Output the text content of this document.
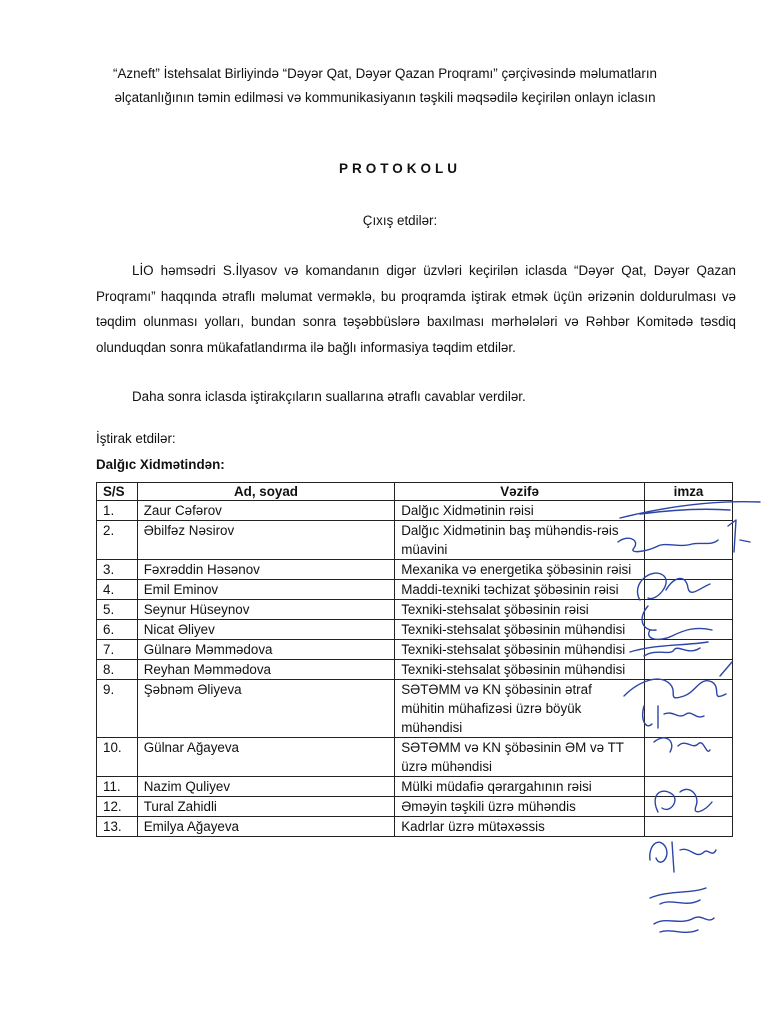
“Azneft” İstehsalat Birliyində “Dəyər Qat, Dəyər Qazan Proqramı” çərçivəsində məlumatların
əlçatanlığının təmin edilməsi və kommunikasiyanın təşkili məqsədilə keçirilən onlayn iclasın
PROTOKOLU
Çıxış etdilər:
LİO həmsədri S.İlyasov və komandanın digər üzvləri keçirilən iclasda “Dəyər Qat, Dəyər Qazan Proqramı” haqqında ətraflı məlumat verməklə, bu proqramda iştirak etmək üçün ərizənin doldurulması və təqdim olunması yolları, bundan sonra təşəbbüslərə baxılması mərhələləri və Rəhbər Komitədə təsdiq olunduqdan sonra mükafatlandırma ilə bağlı informasiya təqdim etdilər.
Daha sonra iclasda iştirakçıların suallarına ətraflı cavablar verdilər.
İştirak etdilər:
Dalğıc Xidmətindən:
S/S	Ad, soyad	Vəzifə	imza
1.	Zaur Cəfərov	Dalğıc Xidmətinin rəisi	
2.	Əbilfəz Nəsirov	Dalğıc Xidmətinin baş mühəndis-rəis müavini	
3.	Fəxrəddin Həsənov	Mexanika və energetika şöbəsinin rəisi	
4.	Emil Eminov	Maddi-texniki təchizat şöbəsinin rəisi	
5.	Seynur Hüseynov	Texniki-stehsalat şöbəsinin rəisi	
6.	Nicat Əliyev	Texniki-stehsalat şöbəsinin mühəndisi	
7.	Gülnarə Məmmədova	Texniki-stehsalat şöbəsinin mühəndisi	
8.	Reyhan Məmmədova	Texniki-stehsalat şöbəsinin mühəndisi	
9.	Şəbnəm Əliyeva	SƏTƏMM və KN şöbəsinin ətraf mühitin mühafizəsi üzrə böyük mühəndisi	
10.	Gülnar Ağayeva	SƏTƏMM və KN şöbəsinin ƏM və TT üzrə mühəndisi	
11.	Nazim Quliyev	Mülki müdafiə qərargahının rəisi	
12.	Tural Zahidli	Əməyin təşkili üzrə mühəndis	
13.	Emilya Ağayeva	Kadrlar üzrə mütəxəssis	
